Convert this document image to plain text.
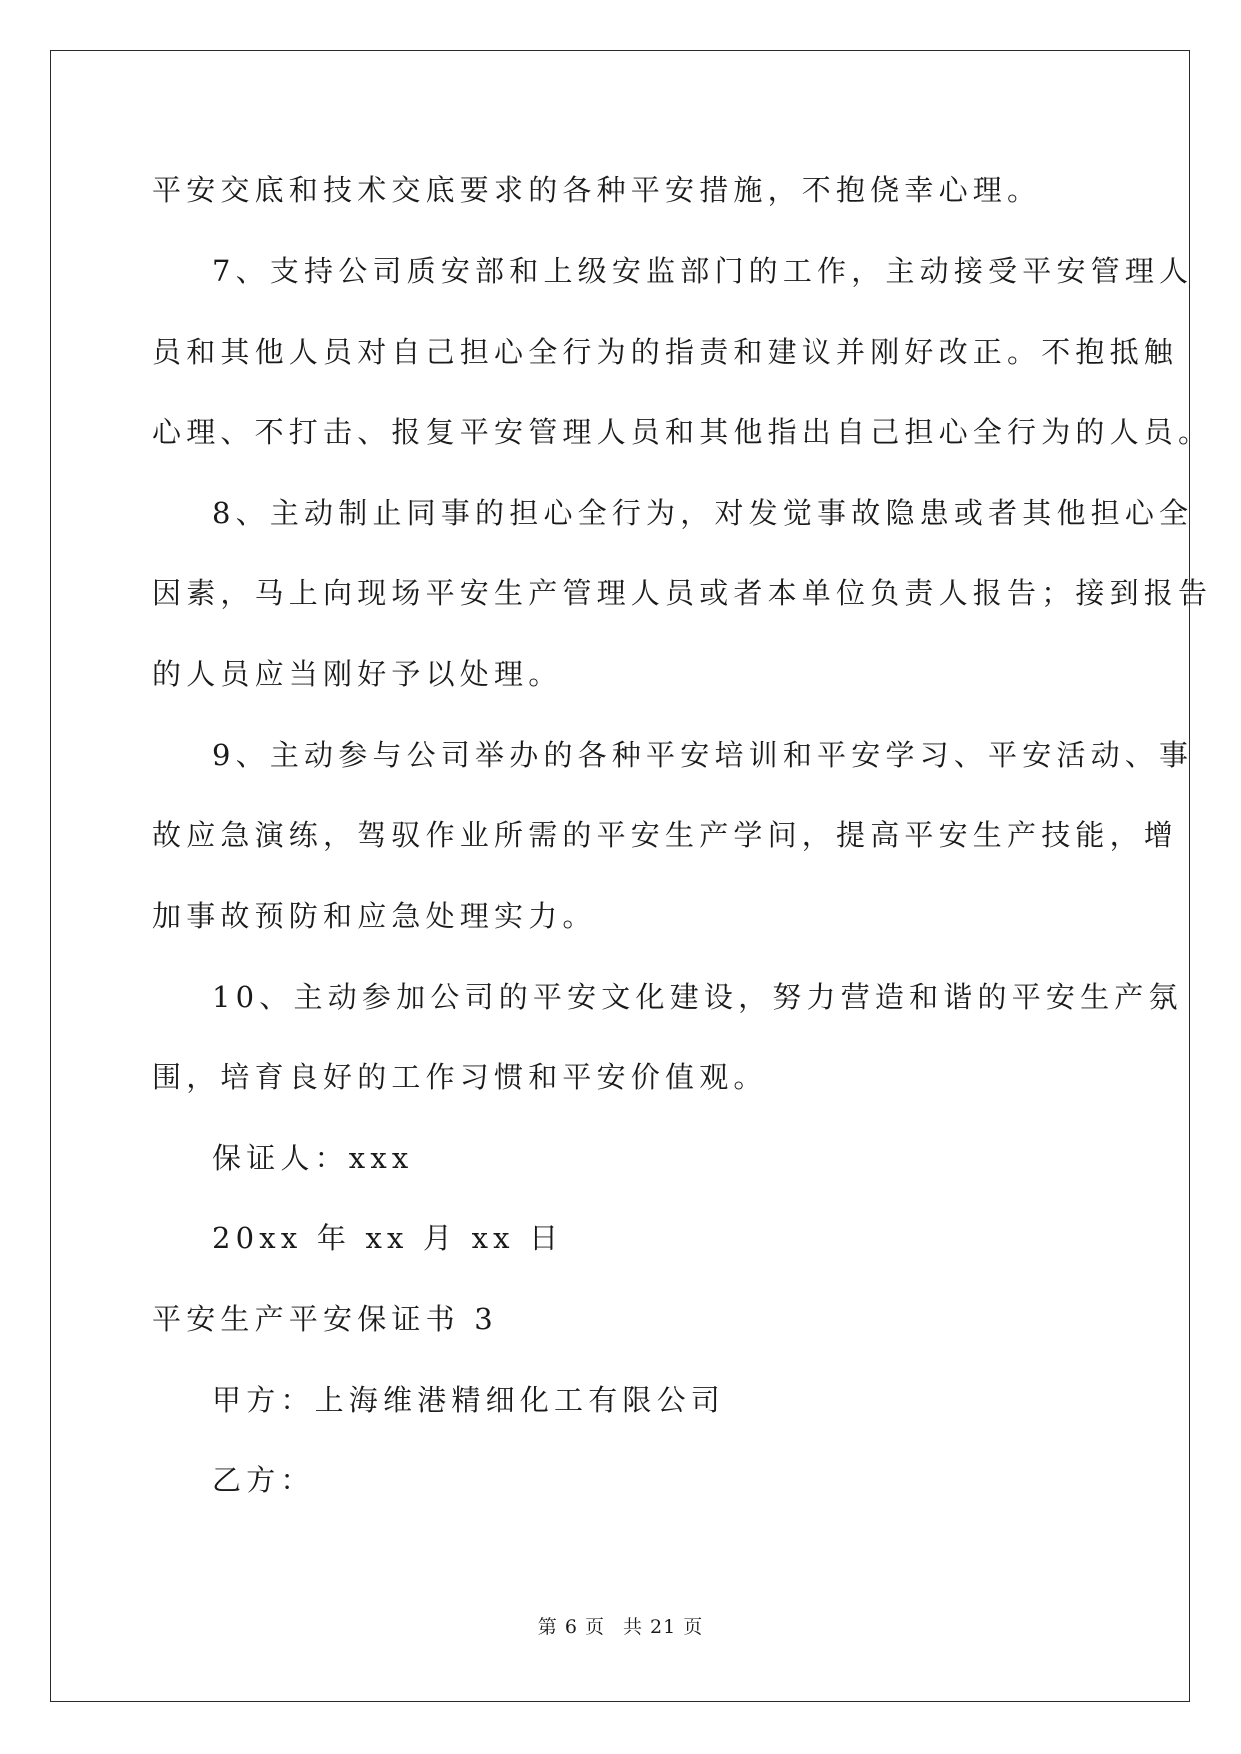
平安交底和技术交底要求的各种平安措施，不抱侥幸心理。
7、支持公司质安部和上级安监部门的工作，主动接受平安管理人
员和其他人员对自己担心全行为的指责和建议并刚好改正。不抱抵触
心理、不打击、报复平安管理人员和其他指出自己担心全行为的人员。
8、主动制止同事的担心全行为，对发觉事故隐患或者其他担心全
因素，马上向现场平安生产管理人员或者本单位负责人报告；接到报告
的人员应当刚好予以处理。
9、主动参与公司举办的各种平安培训和平安学习、平安活动、事
故应急演练，驾驭作业所需的平安生产学问，提高平安生产技能，增
加事故预防和应急处理实力。
10、主动参加公司的平安文化建设，努力营造和谐的平安生产氛
围，培育良好的工作习惯和平安价值观。
保证人：xxx
20xx 年 xx 月 xx 日
平安生产平安保证书 3
甲方：上海维港精细化工有限公司
乙方：
第 6 页 共 21 页
